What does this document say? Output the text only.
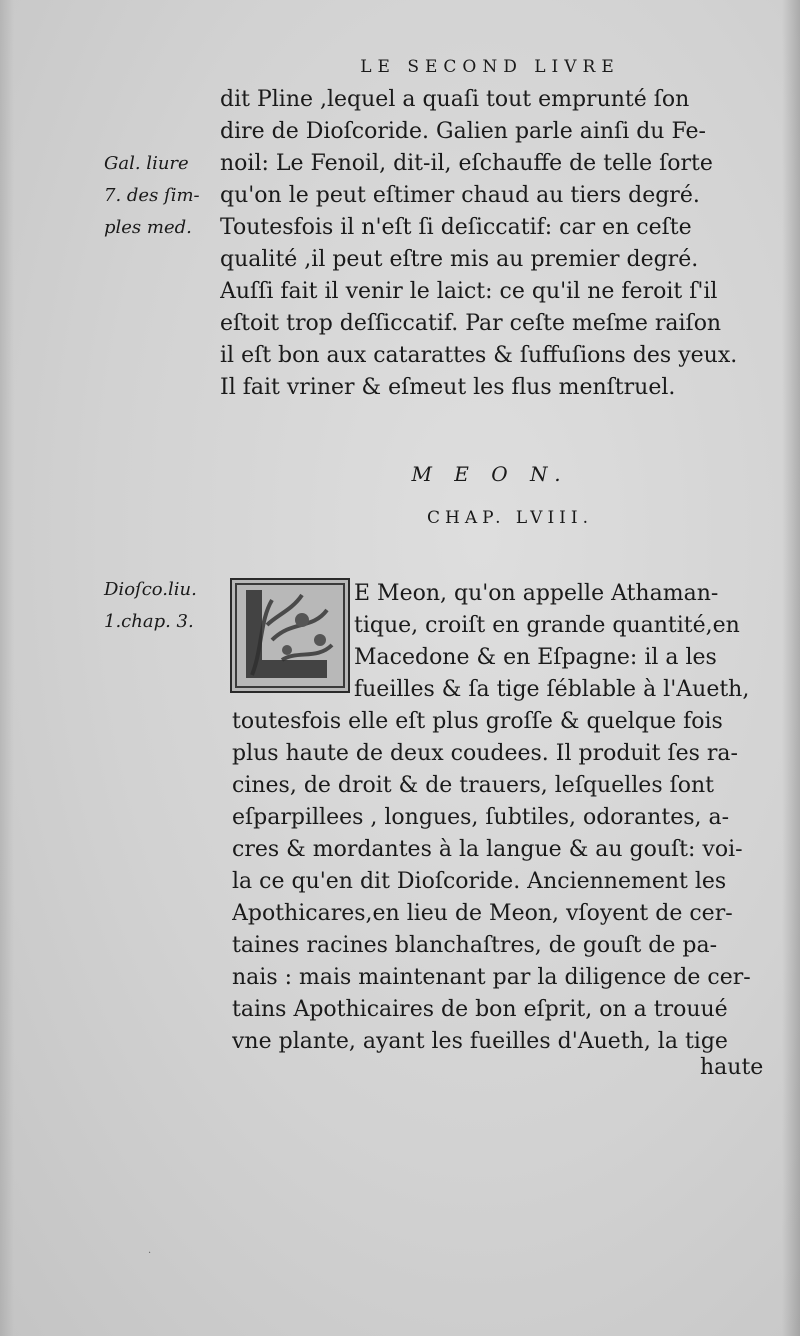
LE SECOND LIVRE
dit Pline ,lequel a quaſi tout emprunté ſon
dire de Dioſcoride. Galien parle ainſi du Fe-
noil: Le Fenoil, dit-il, eſchauffe de telle ſorte
qu'on le peut eſtimer chaud au tiers degré.
Toutesfois il n'eſt ſi deſiccatif: car en ceſte
qualité ,il peut eſtre mis au premier degré.
Auſſi fait il venir le laict: ce qu'il ne feroit ſ'il
eſtoit trop deſſiccatif. Par ceſte meſme raiſon
il eſt bon aux catarattes & ſuffuſions des yeux.
Il fait vriner & eſmeut les flus menſtruel.
Gal. liure
7. des ſim-
ples med.
M E O N.
CHAP. LVIII.
Dioſco.liu.
1.chap. 3.
E Meon, qu'on appelle Athaman-
tique, croiſt en grande quantité,en
Macedone & en Eſpagne: il a les
fueilles & ſa tige ſéblable à l'Aueth,
toutesfois elle eſt plus groſſe & quelque fois
plus haute de deux coudees. Il produit ſes ra-
cines, de droit & de trauers, leſquelles ſont
eſparpillees , longues, ſubtiles, odorantes, a-
cres & mordantes à la langue & au gouſt: voi-
la ce qu'en dit Dioſcoride. Anciennement les
Apothicares,en lieu de Meon, vſoyent de cer-
taines racines blanchaſtres, de gouſt de pa-
nais : mais maintenant par la diligence de cer-
tains Apothicaires de bon eſprit, on a trouué
vne plante, ayant les fueilles d'Aueth, la tige
haute
·
